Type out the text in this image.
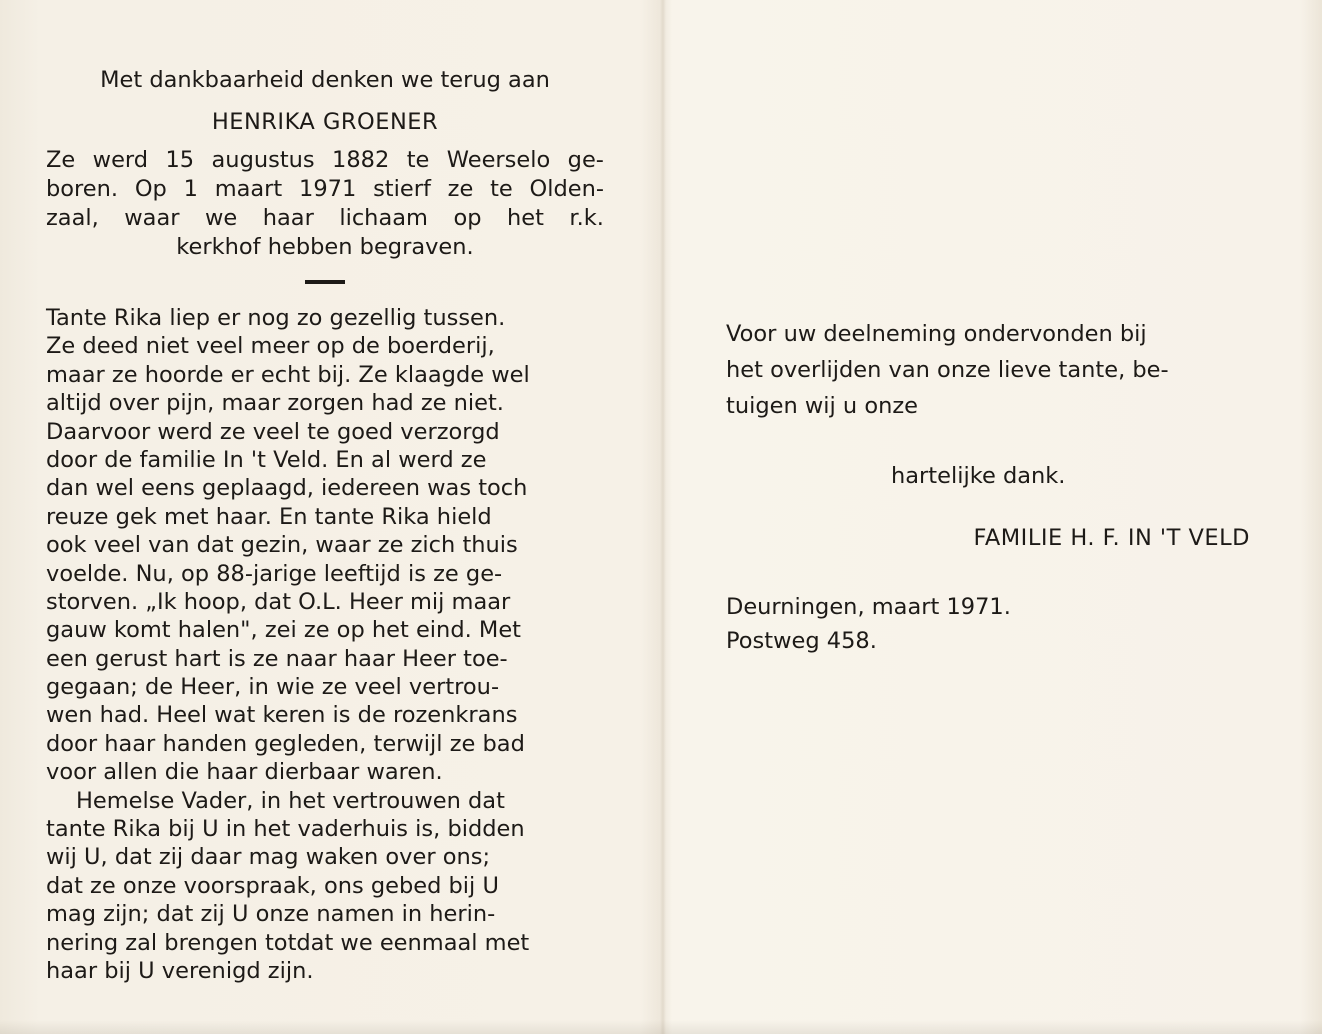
Met dankbaarheid denken we terug aan
HENRIKA GROENER
Ze werd 15 augustus 1882 te Weerselo ge-
boren. Op 1 maart 1971 stierf ze te Olden-
zaal, waar we haar lichaam op het r.k.
kerkhof hebben begraven.
Tante Rika liep er nog zo gezellig tussen.
Ze deed niet veel meer op de boerderij,
maar ze hoorde er echt bij. Ze klaagde wel
altijd over pijn, maar zorgen had ze niet.
Daarvoor werd ze veel te goed verzorgd
door de familie In 't Veld. En al werd ze
dan wel eens geplaagd, iedereen was toch
reuze gek met haar. En tante Rika hield
ook veel van dat gezin, waar ze zich thuis
voelde. Nu, op 88-jarige leeftijd is ze ge-
storven. „Ik hoop, dat O.L. Heer mij maar
gauw komt halen", zei ze op het eind. Met
een gerust hart is ze naar haar Heer toe-
gegaan; de Heer, in wie ze veel vertrou-
wen had. Heel wat keren is de rozenkrans
door haar handen gegleden, terwijl ze bad
voor allen die haar dierbaar waren.
Hemelse Vader, in het vertrouwen dat
tante Rika bij U in het vaderhuis is, bidden
wij U, dat zij daar mag waken over ons;
dat ze onze voorspraak, ons gebed bij U
mag zijn; dat zij U onze namen in herin-
nering zal brengen totdat we eenmaal met
haar bij U verenigd zijn.
Voor uw deelneming ondervonden bij
het overlijden van onze lieve tante, be-
tuigen wij u onze
hartelijke dank.
FAMILIE H. F. IN 'T VELD
Deurningen, maart 1971.
Postweg 458.
